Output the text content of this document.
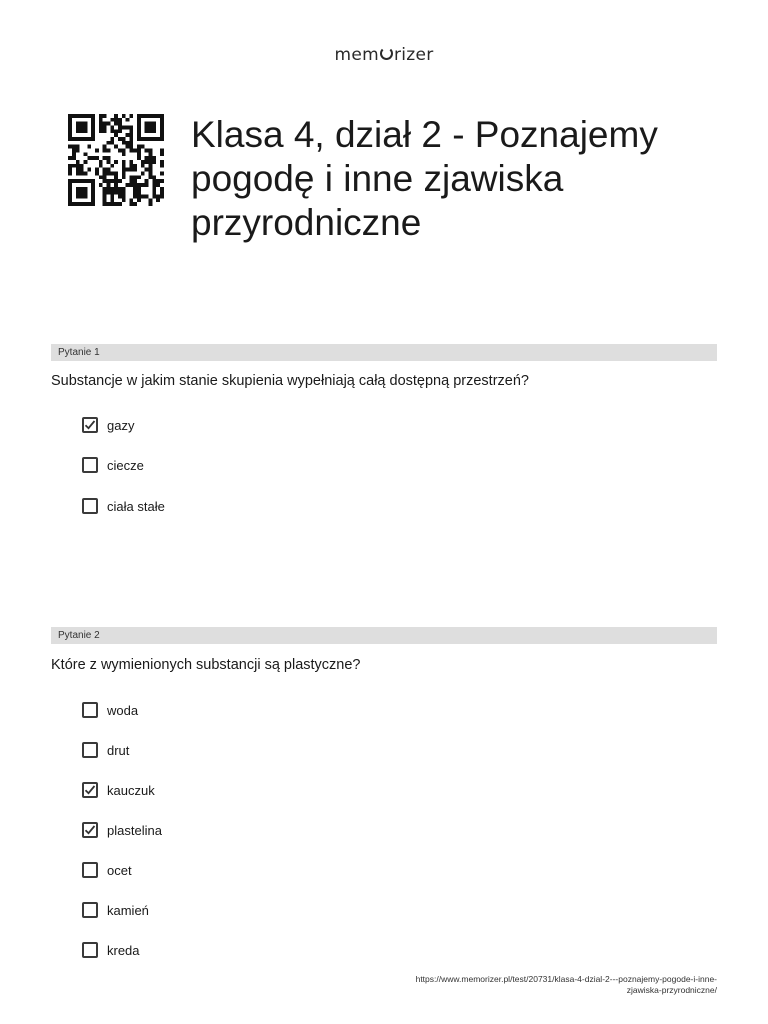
mem rizer
Klasa 4, dział 2 - Poznajemy pogodę i inne zjawiska przyrodniczne
Pytanie 1
Substancje w jakim stanie skupienia wypełniają całą dostępną przestrzeń?
gazy
ciecze
ciała stałe
Pytanie 2
Które z wymienionych substancji są plastyczne?
woda
drut
kauczuk
plastelina
ocet
kamień
kreda
https://www.memorizer.pl/test/20731/klasa-4-dzial-2---poznajemy-pogode-i-inne-
zjawiska-przyrodniczne/
